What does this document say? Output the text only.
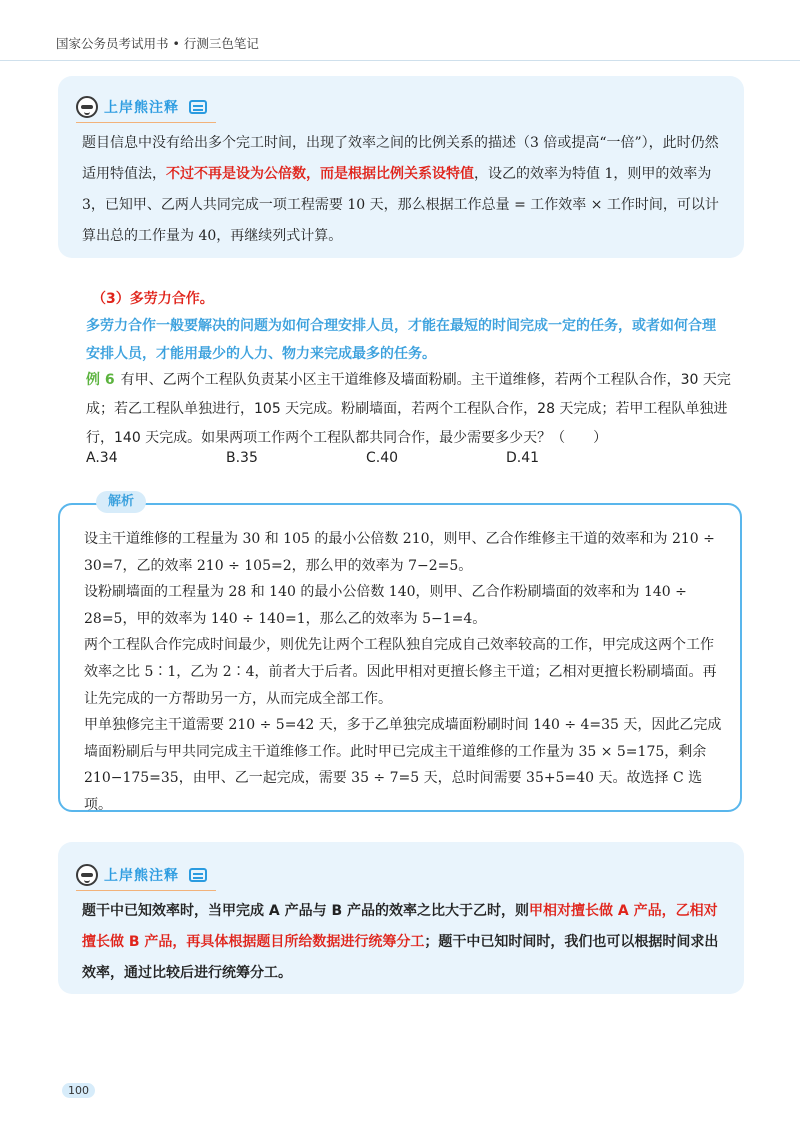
国家公务员考试用书 • 行测三色笔记
上岸熊注释
题目信息中没有给出多个完工时间，出现了效率之间的比例关系的描述（3 倍或提高“一倍”），此时仍然适用特值法，不过不再是设为公倍数，而是根据比例关系设特值，设乙的效率为特值 1，则甲的效率为 3，已知甲、乙两人共同完成一项工程需要 10 天，那么根据工作总量 = 工作效率 × 工作时间，可以计算出总的工作量为 40，再继续列式计算。
（3）多劳力合作。
多劳力合作一般要解决的问题为如何合理安排人员，才能在最短的时间完成一定的任务，或者如何合理安排人员，才能用最少的人力、物力来完成最多的任务。
例 6 有甲、乙两个工程队负责某小区主干道维修及墙面粉刷。主干道维修，若两个工程队合作，30 天完成；若乙工程队单独进行，105 天完成。粉刷墙面，若两个工程队合作，28 天完成；若甲工程队单独进行，140 天完成。如果两项工作两个工程队都共同合作，最少需要多少天？（　　）
A.34	B.35	C.40	D.41
解析

设主干道维修的工程量为 30 和 105 的最小公倍数 210，则甲、乙合作维修主干道的效率和为 210 ÷ 30=7，乙的效率 210 ÷ 105=2，那么甲的效率为 7−2=5。

设粉刷墙面的工程量为 28 和 140 的最小公倍数 140，则甲、乙合作粉刷墙面的效率和为 140 ÷ 28=5，甲的效率为 140 ÷ 140=1，那么乙的效率为 5−1=4。

两个工程队合作完成时间最少，则优先让两个工程队独自完成自己效率较高的工作，甲完成这两个工作效率之比 5∶1，乙为 2∶4，前者大于后者。因此甲相对更擅长修主干道；乙相对更擅长粉刷墙面。再让先完成的一方帮助另一方，从而完成全部工作。

甲单独修完主干道需要 210 ÷ 5=42 天，多于乙单独完成墙面粉刷时间 140 ÷ 4=35 天，因此乙完成墙面粉刷后与甲共同完成主干道维修工作。此时甲已完成主干道维修的工作量为 35 × 5=175，剩余 210−175=35，由甲、乙一起完成，需要 35 ÷ 7=5 天，总时间需要 35+5=40 天。故选择 C 选项。

上岸熊注释
题干中已知效率时，当甲完成 A 产品与 B 产品的效率之比大于乙时，则甲相对擅长做 A 产品，乙相对擅长做 B 产品，再具体根据题目所给数据进行统筹分工；题干中已知时间时，我们也可以根据时间求出效率，通过比较后进行统筹分工。
100
